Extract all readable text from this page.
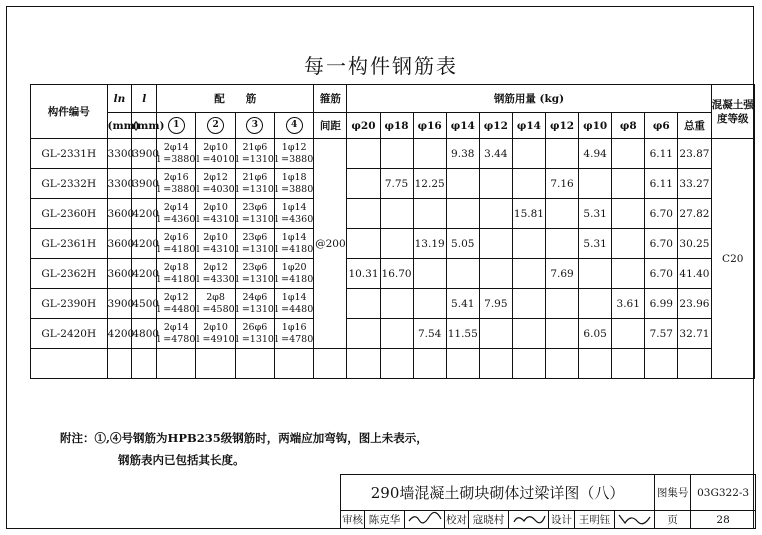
每一构件钢筋表
构件编号	ln	l	配　　筋				箍筋	钢筋用量 (kg)											混凝土强度等级
	(mm)	(mm)	1	2	3	4	间距	φ20	φ18	φ16	φ14	φ12	φ14	φ12	φ10	φ8	φ6	总重	
GL-2331H	3300	3900	2φ14
l =3880	2φ10
l =4010	21φ6
l =1310	1φ12
l =3880	@200				9.38	3.44			4.94		6.11	23.87	C20
GL-2332H	3300	3900	2φ16
l =3880	2φ12
l =4030	21φ6
l =1310	1φ18
l =3880			7.75	12.25				7.16			6.11	33.27	
GL-2360H	3600	4200	2φ14
l =4360	2φ10
l =4310	23φ6
l =1310	1φ14
l =4360							15.81		5.31		6.70	27.82	
GL-2361H	3600	4200	2φ16
l =4180	2φ10
l =4310	23φ6
l =1310	1φ14
l =4180				13.19	5.05				5.31		6.70	30.25	
GL-2362H	3600	4200	2φ18
l =4180	2φ12
l =4330	23φ6
l =1310	1φ20
l =4180		10.31	16.70					7.69			6.70	41.40	
GL-2390H	3900	4500	2φ12
l =4480	2φ8
l =4580	24φ6
l =1310	1φ14
l =4480					5.41	7.95				3.61	6.99	23.96	
GL-2420H	4200	4800	2φ14
l =4780	2φ10
l =4910	26φ6
l =1310	1φ16
l =4780				7.54	11.55				6.05		7.57	32.71	

附注：①,④号钢筋为HPB235级钢筋时，两端应加弯钩，图上未表示，
钢筋表内已包括其长度。
290墙混凝土砌块砌体过梁详图（八）									图集号	03G322-3
审核	陈克华		校对	寇晓村		设计	王明钰		页	28
